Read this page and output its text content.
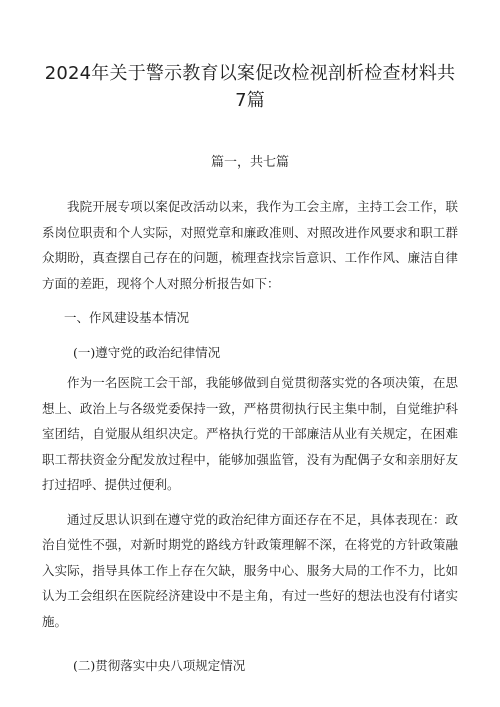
2024年关于警示教育以案促改检视剖析检查材料共7篇
篇一，共七篇

我院开展专项以案促改活动以来，我作为工会主席，主持工会工作，联系岗位职责和个人实际，对照党章和廉政准则、对照改进作风要求和职工群众期盼，真查摆自己存在的问题，梳理查找宗旨意识、工作作风、廉洁自律方面的差距，现将个人对照分析报告如下：

一、作风建设基本情况
(一)遵守党的政治纪律情况

作为一名医院工会干部，我能够做到自觉贯彻落实党的各项决策，在思想上、政治上与各级党委保持一致，严格贯彻执行民主集中制，自觉维护科室团结，自觉服从组织决定。严格执行党的干部廉洁从业有关规定，在困难职工帮扶资金分配发放过程中，能够加强监管，没有为配偶子女和亲朋好友打过招呼、提供过便利。

通过反思认识到在遵守党的政治纪律方面还存在不足，具体表现在：政治自觉性不强，对新时期党的路线方针政策理解不深，在将党的方针政策融入实际，指导具体工作上存在欠缺，服务中心、服务大局的工作不力，比如认为工会组织在医院经济建设中不是主角，有过一些好的想法也没有付诸实施。

(二)贯彻落实中央八项规定情况
